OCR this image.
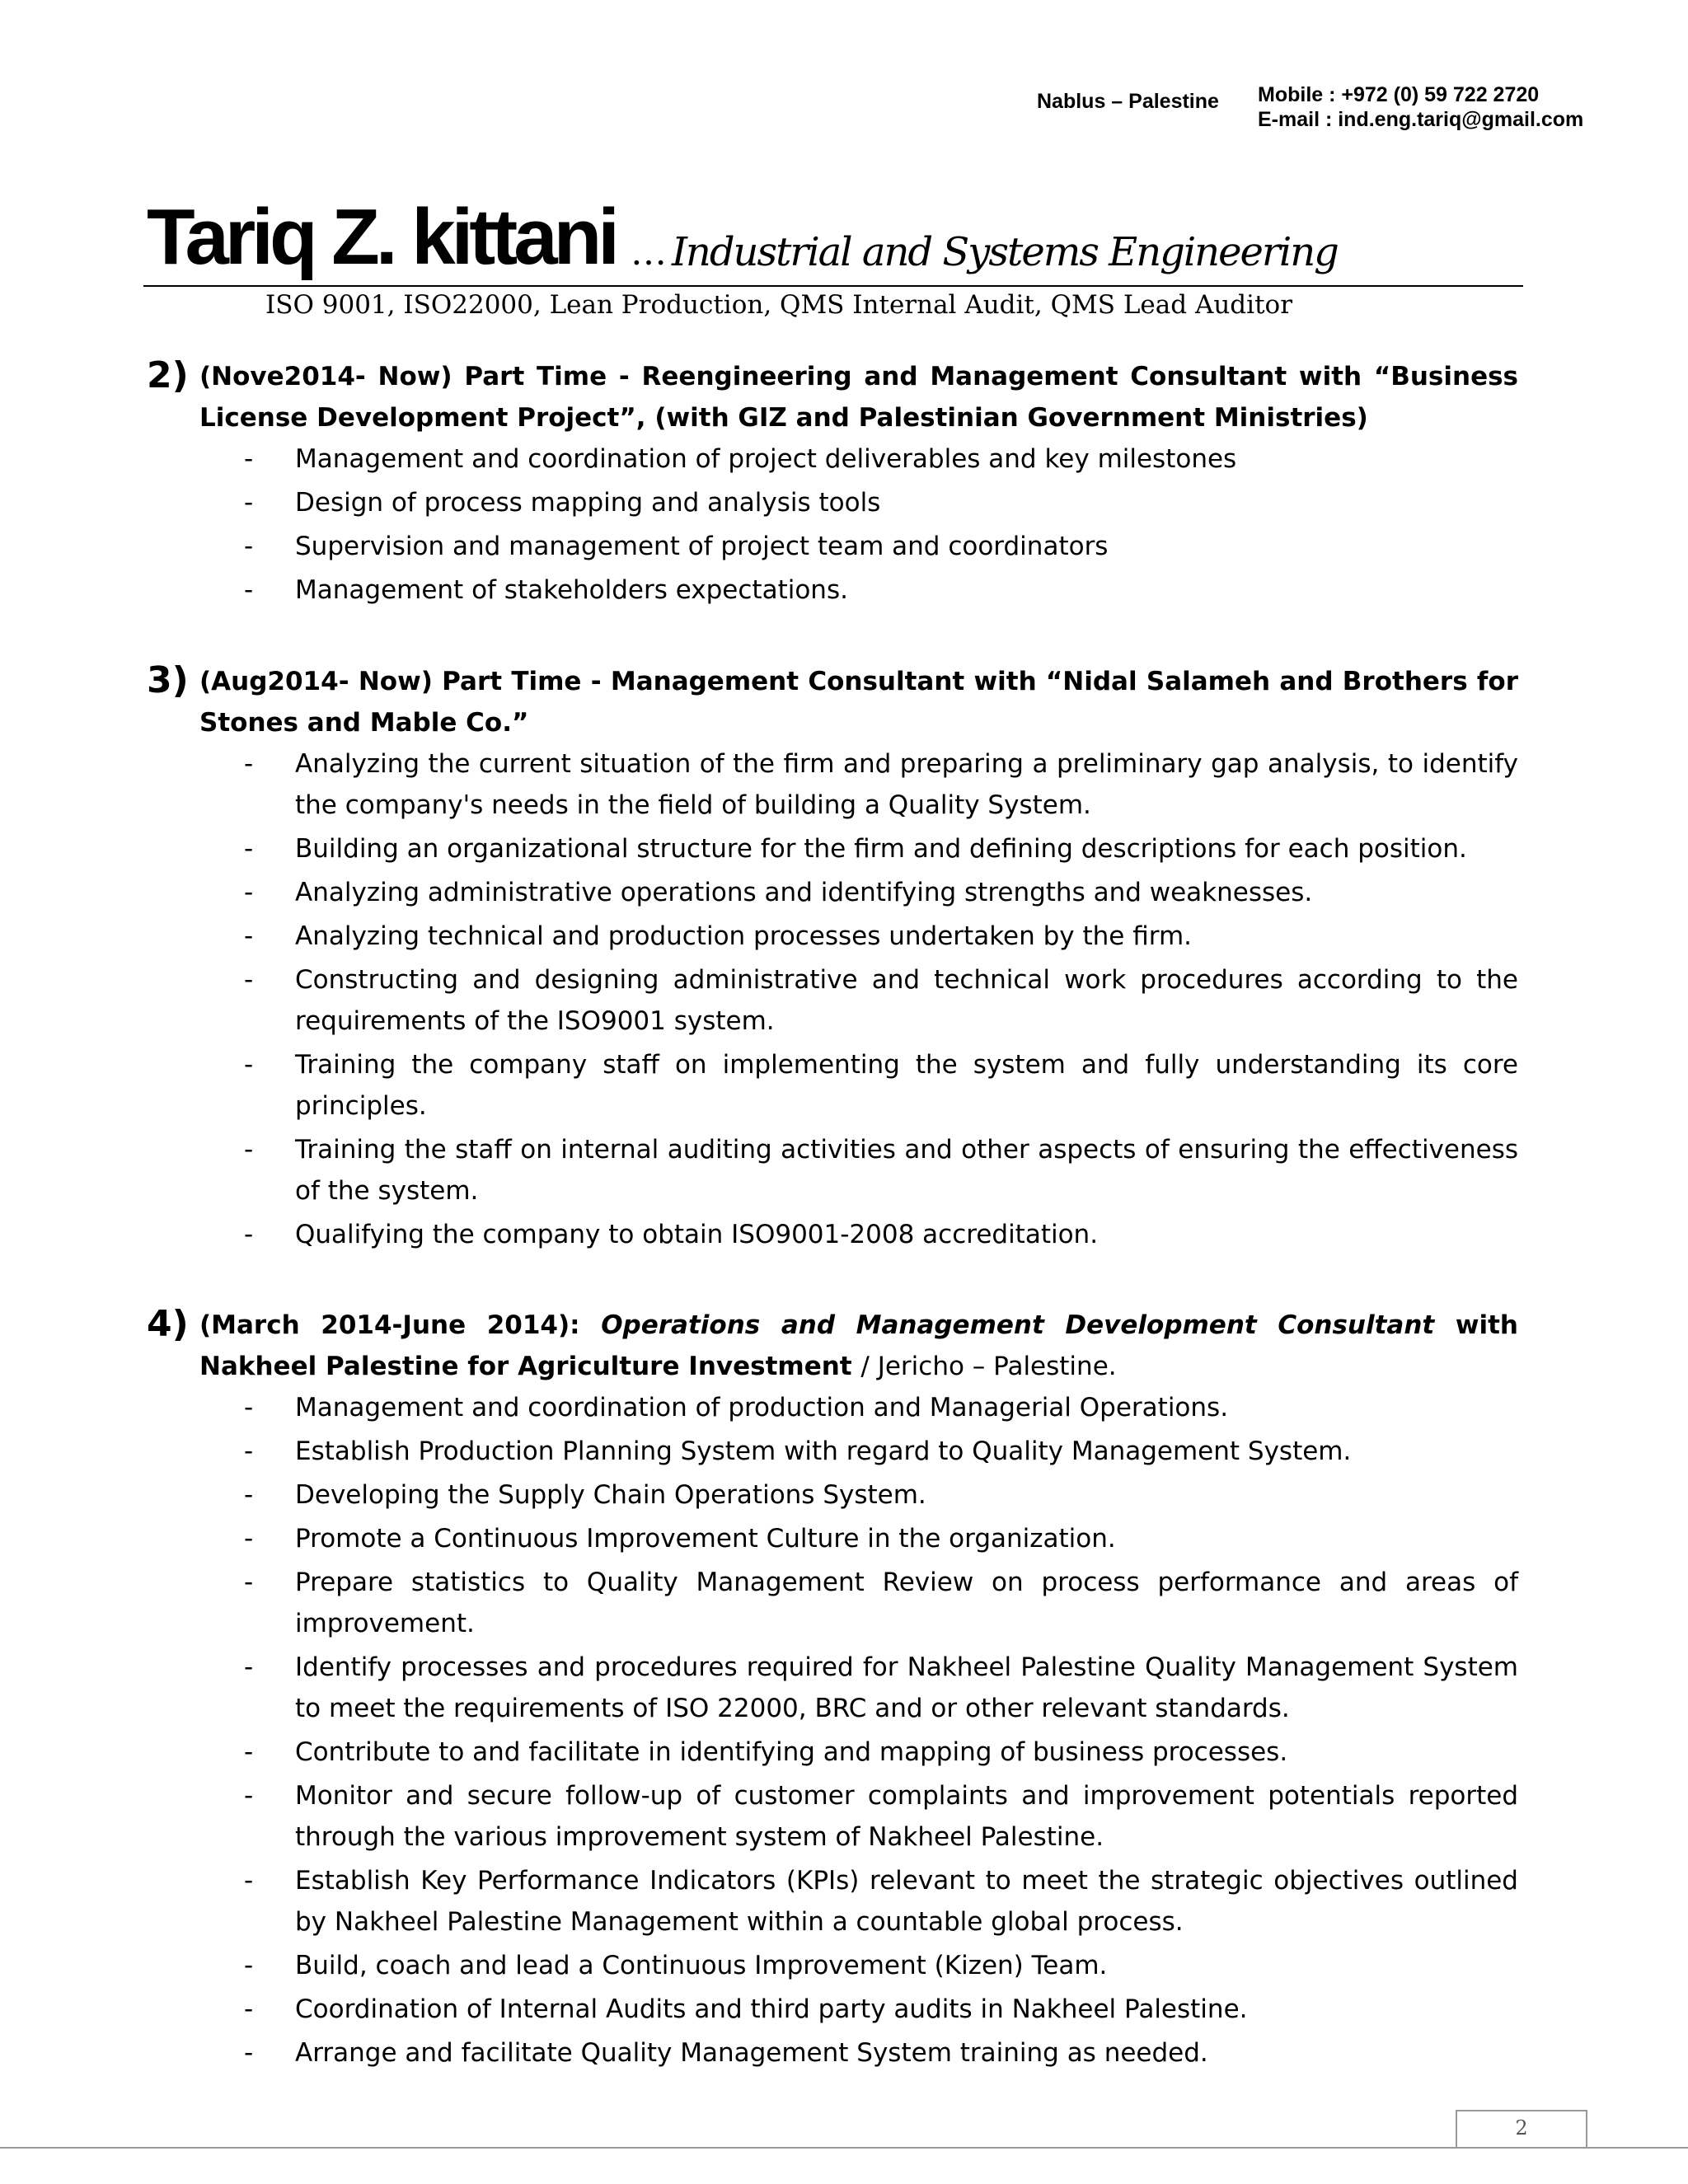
Nablus – Palestine Mobile : +972 (0) 59 722 2720
E-mail : ind.eng.tariq@gmail.com
Tariq Z. kittani … Industrial and Systems Engineering
ISO 9001, ISO22000, Lean Production, QMS Internal Audit, QMS Lead Auditor
2) (Nove2014- Now) Part Time - Reengineering and Management Consultant with “Business License Development Project”, (with GIZ and Palestinian Government Ministries)
- Management and coordination of project deliverables and key milestones
- Design of process mapping and analysis tools
- Supervision and management of project team and coordinators
- Management of stakeholders expectations.
3) (Aug2014- Now) Part Time - Management Consultant with “Nidal Salameh and Brothers for Stones and Mable Co.”
- Analyzing the current situation of the firm and preparing a preliminary gap analysis, to identify the company's needs in the field of building a Quality System.
- Building an organizational structure for the firm and defining descriptions for each position.
- Analyzing administrative operations and identifying strengths and weaknesses.
- Analyzing technical and production processes undertaken by the firm.
- Constructing and designing administrative and technical work procedures according to the requirements of the ISO9001 system.
- Training the company staff on implementing the system and fully understanding its core principles.
- Training the staff on internal auditing activities and other aspects of ensuring the effectiveness of the system.
- Qualifying the company to obtain ISO9001-2008 accreditation.
4) (March 2014-June 2014): Operations and Management Development Consultant with Nakheel Palestine for Agriculture Investment / Jericho – Palestine.
- Management and coordination of production and Managerial Operations.
- Establish Production Planning System with regard to Quality Management System.
- Developing the Supply Chain Operations System.
- Promote a Continuous Improvement Culture in the organization.
- Prepare statistics to Quality Management Review on process performance and areas of improvement.
- Identify processes and procedures required for Nakheel Palestine Quality Management System to meet the requirements of ISO 22000, BRC and or other relevant standards.
- Contribute to and facilitate in identifying and mapping of business processes.
- Monitor and secure follow-up of customer complaints and improvement potentials reported through the various improvement system of Nakheel Palestine.
- Establish Key Performance Indicators (KPIs) relevant to meet the strategic objectives outlined by Nakheel Palestine Management within a countable global process.
- Build, coach and lead a Continuous Improvement (Kizen) Team.
- Coordination of Internal Audits and third party audits in Nakheel Palestine.
- Arrange and facilitate Quality Management System training as needed.
2
